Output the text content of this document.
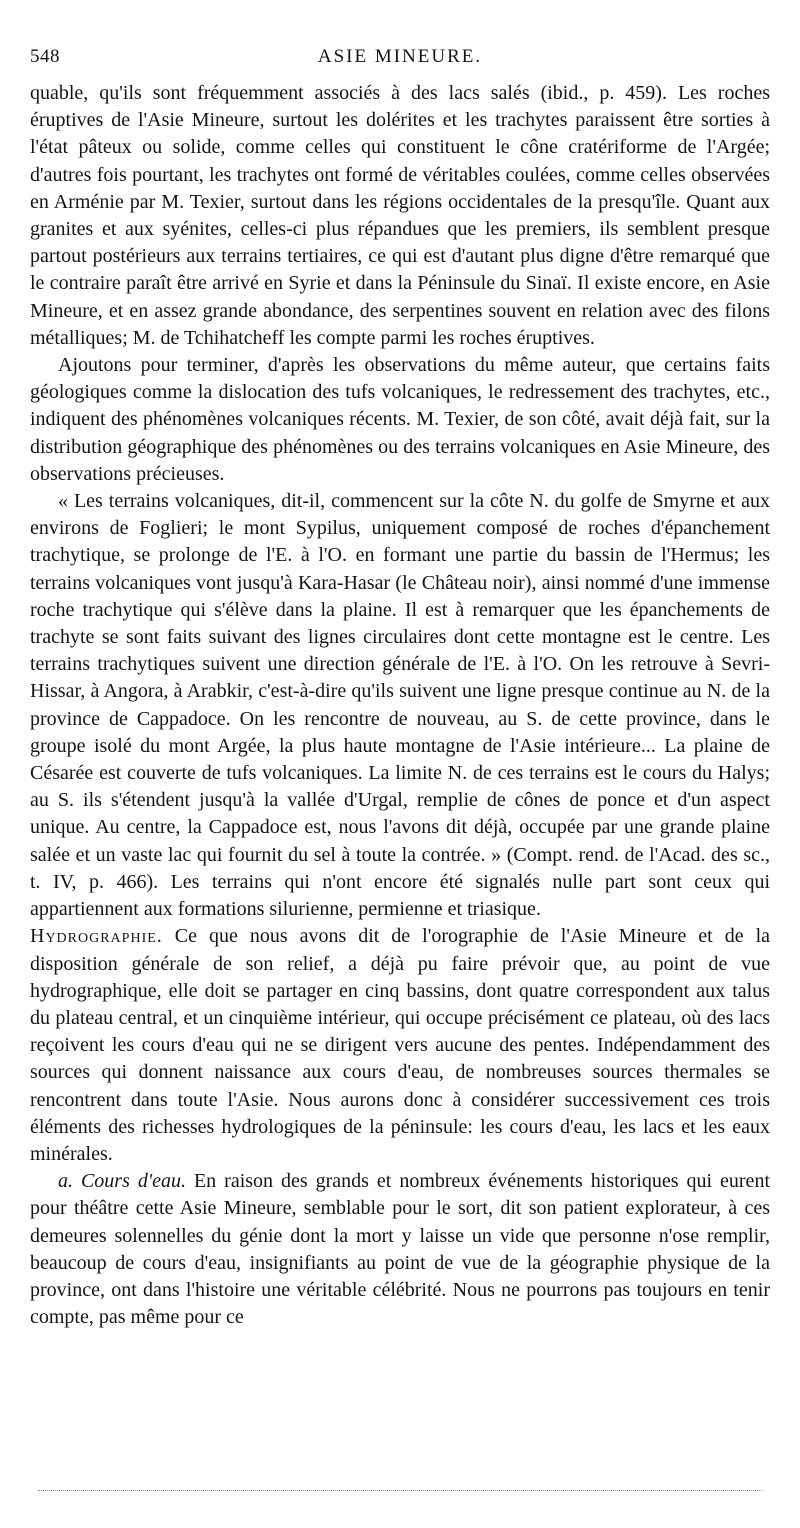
548	ASIE MINEURE.

quable, qu'ils sont fréquemment associés à des lacs salés (ibid., p. 459). Les roches éruptives de l'Asie Mineure, surtout les dolérites et les trachytes paraissent être sorties à l'état pâteux ou solide, comme celles qui constituent le cône cratériforme de l'Argée; d'autres fois pourtant, les trachytes ont formé de véritables coulées, comme celles observées en Arménie par M. Texier, surtout dans les régions occidentales de la presqu'île. Quant aux granites et aux syénites, celles-ci plus répandues que les premiers, ils semblent presque partout postérieurs aux terrains tertiaires, ce qui est d'autant plus digne d'être remarqué que le contraire paraît être arrivé en Syrie et dans la Péninsule du Sinaï. Il existe encore, en Asie Mineure, et en assez grande abondance, des serpentines souvent en relation avec des filons métalliques; M. de Tchihatcheff les compte parmi les roches éruptives.

Ajoutons pour terminer, d'après les observations du même auteur, que certains faits géologiques comme la dislocation des tufs volcaniques, le redressement des trachytes, etc., indiquent des phénomènes volcaniques récents. M. Texier, de son côté, avait déjà fait, sur la distribution géographique des phénomènes ou des terrains volcaniques en Asie Mineure, des observations précieuses.

« Les terrains volcaniques, dit-il, commencent sur la côte N. du golfe de Smyrne et aux environs de Foglieri; le mont Sypilus, uniquement composé de roches d'épanchement trachytique, se prolonge de l'E. à l'O. en formant une partie du bassin de l'Hermus; les terrains volcaniques vont jusqu'à Kara-Hasar (le Château noir), ainsi nommé d'une immense roche trachytique qui s'élève dans la plaine. Il est à remarquer que les épanchements de trachyte se sont faits suivant des lignes circulaires dont cette montagne est le centre. Les terrains trachytiques suivent une direction générale de l'E. à l'O. On les retrouve à Sevri-Hissar, à Angora, à Arabkir, c'est-à-dire qu'ils suivent une ligne presque continue au N. de la province de Cappadoce. On les rencontre de nouveau, au S. de cette province, dans le groupe isolé du mont Argée, la plus haute montagne de l'Asie intérieure... La plaine de Césarée est couverte de tufs volcaniques. La limite N. de ces terrains est le cours du Halys; au S. ils s'étendent jusqu'à la vallée d'Urgal, remplie de cônes de ponce et d'un aspect unique. Au centre, la Cappadoce est, nous l'avons dit déjà, occupée par une grande plaine salée et un vaste lac qui fournit du sel à toute la contrée. » (Compt. rend. de l'Acad. des sc., t. IV, p. 466). Les terrains qui n'ont encore été signalés nulle part sont ceux qui appartiennent aux formations silurienne, permienne et triasique.

Hydrographie. Ce que nous avons dit de l'orographie de l'Asie Mineure et de la disposition générale de son relief, a déjà pu faire prévoir que, au point de vue hydrographique, elle doit se partager en cinq bassins, dont quatre correspondent aux talus du plateau central, et un cinquième intérieur, qui occupe précisément ce plateau, où des lacs reçoivent les cours d'eau qui ne se dirigent vers aucune des pentes. Indépendamment des sources qui donnent naissance aux cours d'eau, de nombreuses sources thermales se rencontrent dans toute l'Asie. Nous aurons donc à considérer successivement ces trois éléments des richesses hydrologiques de la péninsule: les cours d'eau, les lacs et les eaux minérales.

a. Cours d'eau. En raison des grands et nombreux événements historiques qui eurent pour théâtre cette Asie Mineure, semblable pour le sort, dit son patient explorateur, à ces demeures solennelles du génie dont la mort y laisse un vide que personne n'ose remplir, beaucoup de cours d'eau, insignifiants au point de vue de la géographie physique de la province, ont dans l'histoire une véritable célébrité. Nous ne pourrons pas toujours en tenir compte, pas même pour ce
